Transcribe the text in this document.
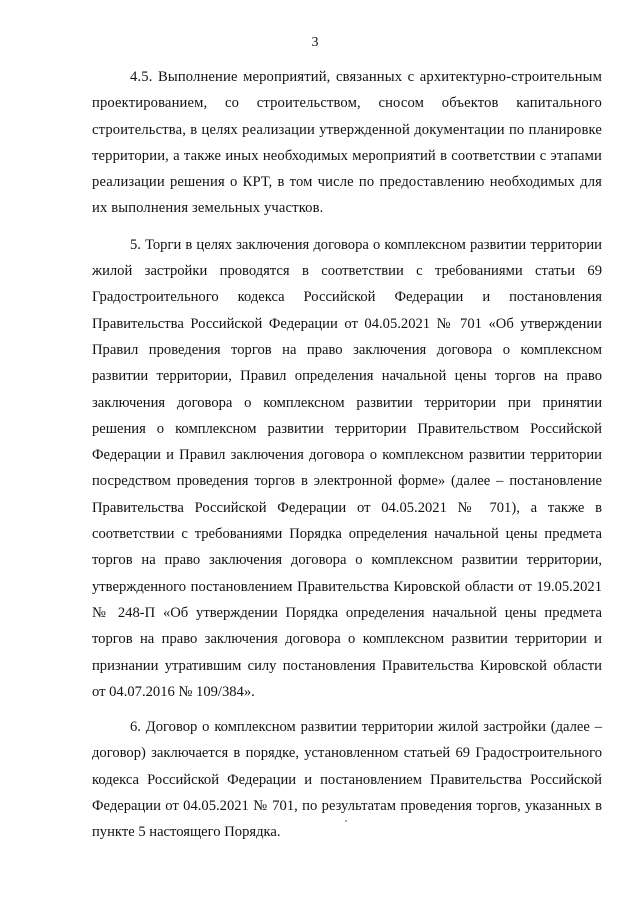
3

4.5. Выполнение мероприятий, связанных с архитектурно-строительным проектированием, со строительством, сносом объектов капитального строительства, в целях реализации утвержденной документации по планировке территории, а также иных необходимых мероприятий в соответствии с этапами реализации решения о КРТ, в том числе по предоставлению необходимых для их выполнения земельных участков.

5. Торги в целях заключения договора о комплексном развитии территории жилой застройки проводятся в соответствии с требованиями статьи 69 Градостроительного кодекса Российской Федерации и постановления Правительства Российской Федерации от 04.05.2021 № 701 «Об утверждении Правил проведения торгов на право заключения договора о комплексном развитии территории, Правил определения начальной цены торгов на право заключения договора о комплексном развитии территории при принятии решения о комплексном развитии территории Правительством Российской Федерации и Правил заключения договора о комплексном развитии территории посредством проведения торгов в электронной форме» (далее – постановление Правительства Российской Федерации от 04.05.2021 № 701), а также в соответствии с требованиями Порядка определения начальной цены предмета торгов на право заключения договора о комплексном развитии территории, утвержденного постановлением Правительства Кировской области от 19.05.2021 № 248-П «Об утверждении Порядка определения начальной цены предмета торгов на право заключения договора о комплексном развитии территории и признании утратившим силу постановления Правительства Кировской области от 04.07.2016 № 109/384».

6. Договор о комплексном развитии территории жилой застройки (далее – договор) заключается в порядке, установленном статьей 69 Градостроительного кодекса Российской Федерации и постановлением Правительства Российской Федерации от 04.05.2021 № 701, по результатам проведения торгов, указанных в пункте 5 настоящего Порядка.
